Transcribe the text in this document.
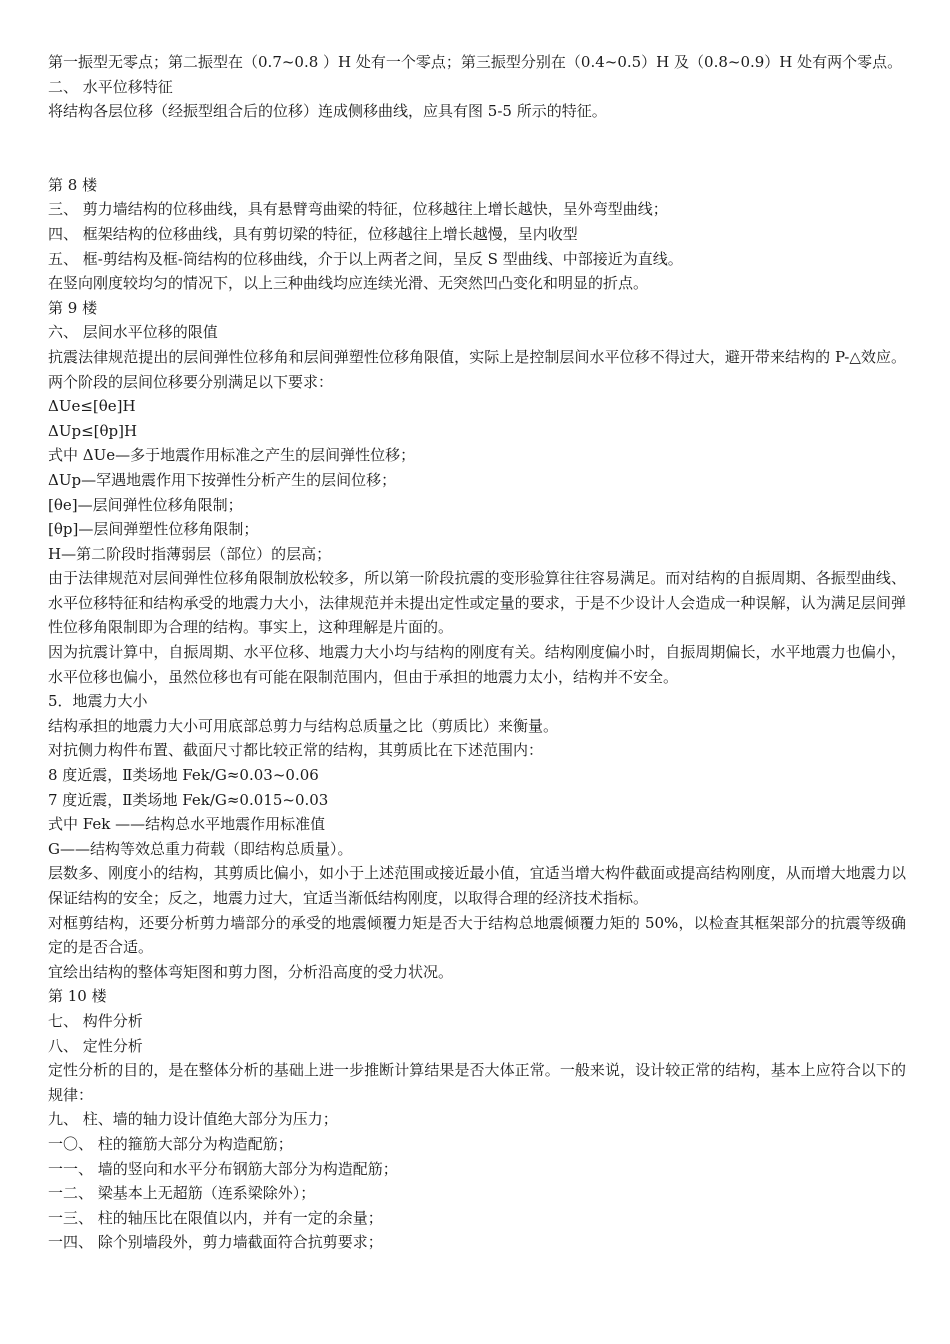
第一振型无零点；第二振型在（0.7~0.8 ）H 处有一个零点；第三振型分别在（0.4~0.5）H 及（0.8~0.9）H 处有两个零点。

二、 水平位移特征

将结构各层位移（经振型组合后的位移）连成侧移曲线，应具有图 5-5 所示的特征。

第 8 楼

三、 剪力墙结构的位移曲线，具有悬臂弯曲梁的特征，位移越往上增长越快，呈外弯型曲线；

四、 框架结构的位移曲线，具有剪切梁的特征，位移越往上增长越慢，呈内收型

五、 框-剪结构及框-筒结构的位移曲线，介于以上两者之间，呈反 S 型曲线、中部接近为直线。

在竖向刚度较均匀的情况下，以上三种曲线均应连续光滑、无突然凹凸变化和明显的折点。

第 9 楼

六、 层间水平位移的限值

抗震法律规范提出的层间弹性位移角和层间弹塑性位移角限值，实际上是控制层间水平位移不得过大，避开带来结构的 P-△效应。两个阶段的层间位移要分别满足以下要求：

ΔUe≤[θe]H

ΔUp≤[θp]H

式中 ΔUe—多于地震作用标准之产生的层间弹性位移；

ΔUp—罕遇地震作用下按弹性分析产生的层间位移；

[θe]—层间弹性位移角限制；

[θp]—层间弹塑性位移角限制；

H—第二阶段时指薄弱层（部位）的层高；

由于法律规范对层间弹性位移角限制放松较多，所以第一阶段抗震的变形验算往往容易满足。而对结构的自振周期、各振型曲线、水平位移特征和结构承受的地震力大小，法律规范并未提出定性或定量的要求，于是不少设计人会造成一种误解，认为满足层间弹性位移角限制即为合理的结构。事实上，这种理解是片面的。

因为抗震计算中，自振周期、水平位移、地震力大小均与结构的刚度有关。结构刚度偏小时，自振周期偏长，水平地震力也偏小，水平位移也偏小，虽然位移也有可能在限制范围内，但由于承担的地震力太小，结构并不安全。

5．地震力大小

结构承担的地震力大小可用底部总剪力与结构总质量之比（剪质比）来衡量。

对抗侧力构件布置、截面尺寸都比较正常的结构，其剪质比在下述范围内：

8 度近震，Ⅱ类场地 Fek/G≈0.03~0.06

7 度近震，Ⅱ类场地 Fek/G≈0.015~0.03

式中 Fek ——结构总水平地震作用标准值

G——结构等效总重力荷载（即结构总质量）。

层数多、刚度小的结构，其剪质比偏小，如小于上述范围或接近最小值，宜适当增大构件截面或提高结构刚度，从而增大地震力以保证结构的安全；反之，地震力过大，宜适当渐低结构刚度，以取得合理的经济技术指标。

对框剪结构，还要分析剪力墙部分的承受的地震倾覆力矩是否大于结构总地震倾覆力矩的 50%，以检查其框架部分的抗震等级确定的是否合适。

宜绘出结构的整体弯矩图和剪力图，分析沿高度的受力状况。

第 10 楼

七、 构件分析

八、 定性分析

定性分析的目的，是在整体分析的基础上进一步推断计算结果是否大体正常。一般来说，设计较正常的结构，基本上应符合以下的规律：

九、 柱、墙的轴力设计值绝大部分为压力；

一〇、 柱的箍筋大部分为构造配筋；

一一、 墙的竖向和水平分布钢筋大部分为构造配筋；

一二、 梁基本上无超筋（连系梁除外）；

一三、 柱的轴压比在限值以内，并有一定的余量；

一四、 除个别墙段外，剪力墙截面符合抗剪要求；
